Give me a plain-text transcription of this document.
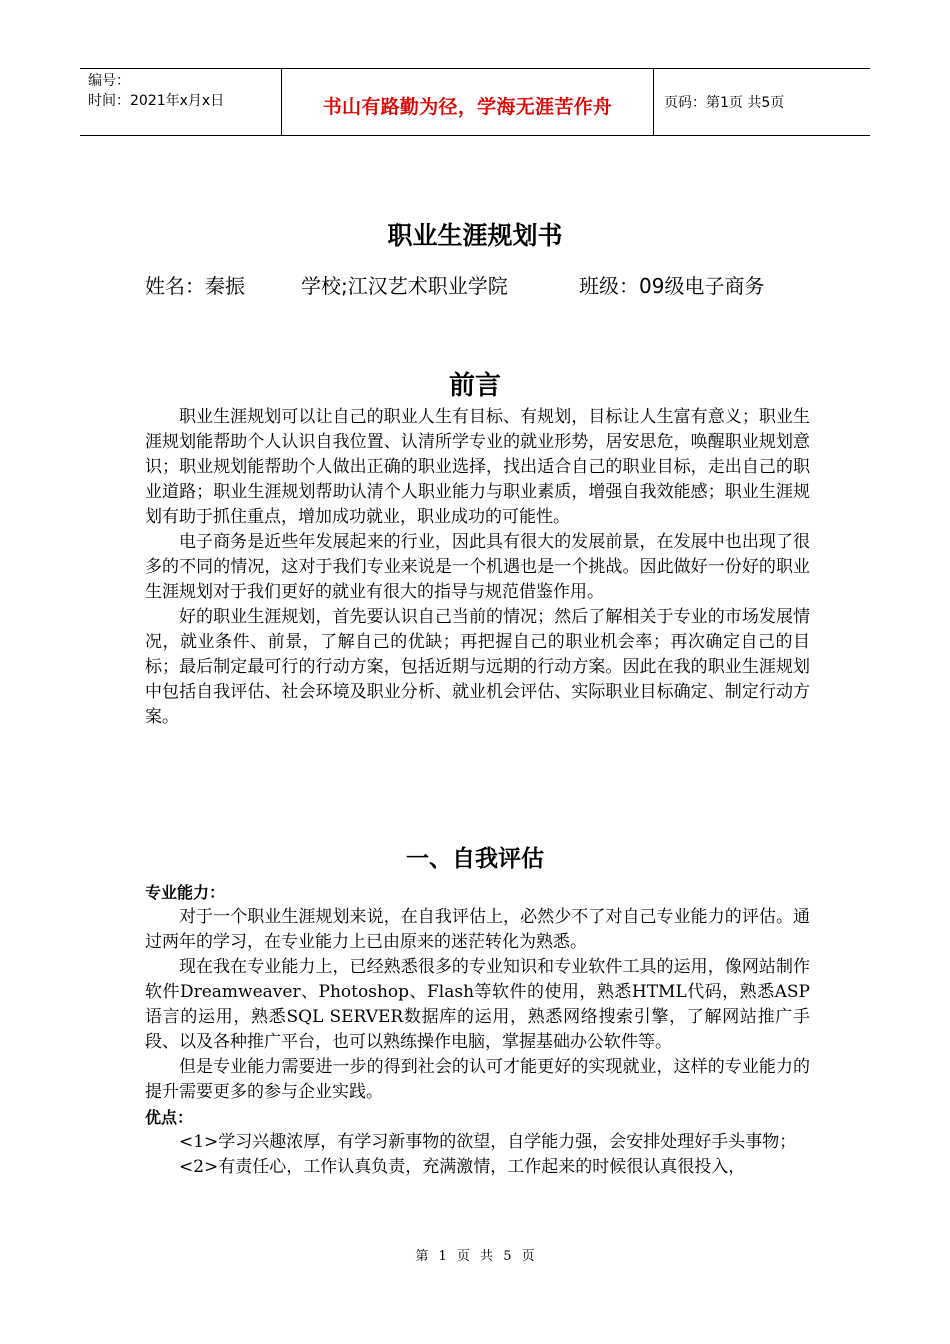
编号：
时间：2021年x月x日	书山有路勤为径，学海无涯苦作舟	页码：第1页 共5页
职业生涯规划书
姓名：秦振	学校;江汉艺术职业学院	班级：09级电子商务
前言

职业生涯规划可以让自己的职业人生有目标、有规划，目标让人生富有意义；职业生涯规划能帮助个人认识自我位置、认清所学专业的就业形势，居安思危，唤醒职业规划意识；职业规划能帮助个人做出正确的职业选择，找出适合自己的职业目标，走出自己的职业道路；职业生涯规划帮助认清个人职业能力与职业素质，增强自我效能感；职业生涯规划有助于抓住重点，增加成功就业，职业成功的可能性。

电子商务是近些年发展起来的行业，因此具有很大的发展前景，在发展中也出现了很多的不同的情况，这对于我们专业来说是一个机遇也是一个挑战。因此做好一份好的职业生涯规划对于我们更好的就业有很大的指导与规范借鉴作用。

好的职业生涯规划，首先要认识自己当前的情况；然后了解相关于专业的市场发展情况，就业条件、前景，了解自己的优缺；再把握自己的职业机会率；再次确定自己的目标；最后制定最可行的行动方案，包括近期与远期的行动方案。因此在我的职业生涯规划中包括自我评估、社会环境及职业分析、就业机会评估、实际职业目标确定、制定行动方案。

一、自我评估

专业能力：

对于一个职业生涯规划来说，在自我评估上，必然少不了对自己专业能力的评估。通过两年的学习，在专业能力上已由原来的迷茫转化为熟悉。

现在我在专业能力上，已经熟悉很多的专业知识和专业软件工具的运用，像网站制作软件Dreamweaver、Photoshop、Flash等软件的使用，熟悉HTML代码，熟悉ASP语言的运用，熟悉SQL SERVER数据库的运用，熟悉网络搜索引擎，了解网站推广手段、以及各种推广平台，也可以熟练操作电脑，掌握基础办公软件等。

但是专业能力需要进一步的得到社会的认可才能更好的实现就业，这样的专业能力的提升需要更多的参与企业实践。

优点：

<1>学习兴趣浓厚，有学习新事物的欲望，自学能力强，会安排处理好手头事物；

<2>有责任心，工作认真负责，充满激情，工作起来的时候很认真很投入，

第 1 页 共 5 页
